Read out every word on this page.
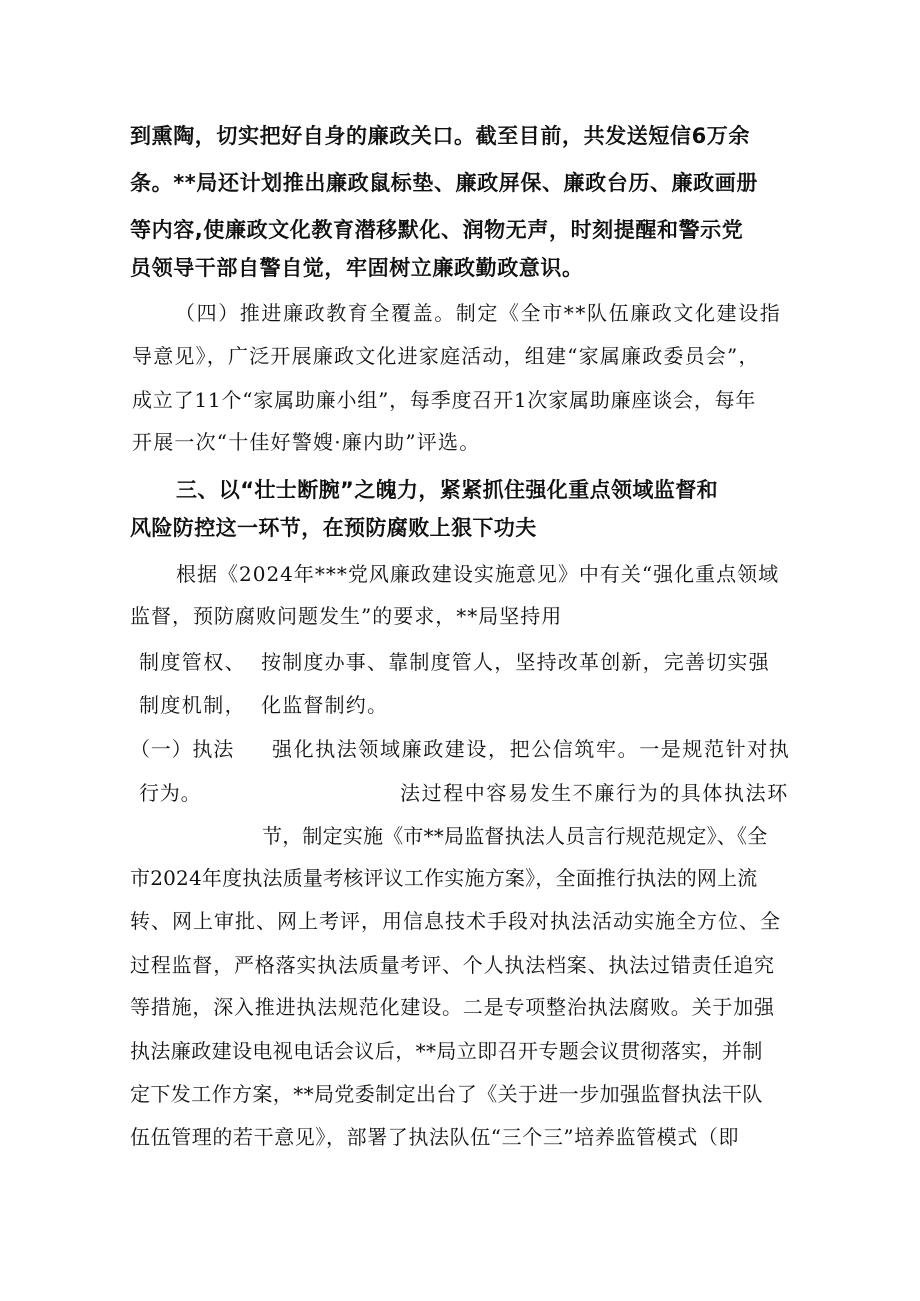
到熏陶，切实把好自身的廉政关口。截至目前，共发送短信6万余
条。**局还计划推出廉政鼠标垫、廉政屏保、廉政台历、廉政画册
等内容,使廉政文化教育潜移默化、润物无声，时刻提醒和警示党
员领导干部自警自觉，牢固树立廉政勤政意识。
（四）推进廉政教育全覆盖。制定《全市**队伍廉政文化建设指
导意见》，广泛开展廉政文化进家庭活动，组建“家属廉政委员会”，
成立了11个“家属助廉小组”，每季度召开1次家属助廉座谈会，每年
开展一次“十佳好警嫂·廉内助”评选。
三、以“壮士断腕”之魄力，紧紧抓住强化重点领域监督和
风险防控这一环节，在预防腐败上狠下功夫
根据《2024年***党风廉政建设实施意见》中有关“强化重点领域
监督，预防腐败问题发生”的要求，**局坚持用
制度管权、 按制度办事、靠制度管人，坚持改革创新，完善切实强
制度机制， 化监督制约。
（一）执法 强化执法领域廉政建设，把公信筑牢。一是规范针对执
行为。	法过程中容易发生不廉行为的具体执法环
节，制定实施《市**局监督执法人员言行规范规定》、《全
市2024年度执法质量考核评议工作实施方案》，全面推行执法的网上流
转、网上审批、网上考评，用信息技术手段对执法活动实施全方位、全
过程监督，严格落实执法质量考评、个人执法档案、执法过错责任追究
等措施，深入推进执法规范化建设。二是专项整治执法腐败。关于加强
执法廉政建设电视电话会议后，**局立即召开专题会议贯彻落实，并制
定下发工作方案，**局党委制定出台了《关于进一步加强监督执法干队
伍伍管理的若干意见》，部署了执法队伍“三个三”培养监管模式（即
